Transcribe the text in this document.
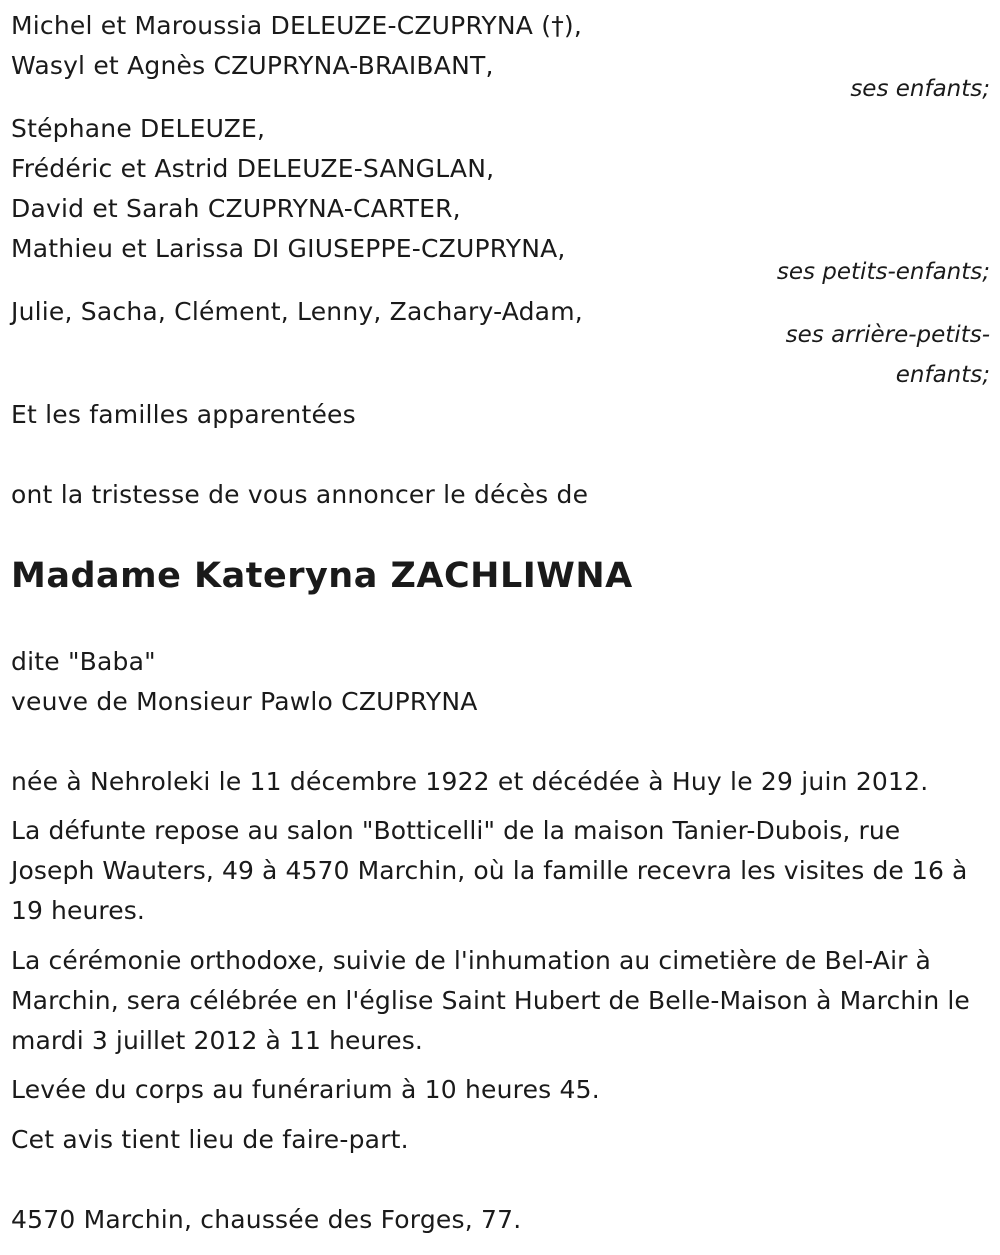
Michel et Maroussia DELEUZE-CZUPRYNA (†),
Wasyl et Agnès CZUPRYNA-BRAIBANT,
ses enfants;
Stéphane DELEUZE,
Frédéric et Astrid DELEUZE-SANGLAN,
David et Sarah CZUPRYNA-CARTER,
Mathieu et Larissa DI GIUSEPPE-CZUPRYNA,
ses petits-enfants;
Julie, Sacha, Clément, Lenny, Zachary-Adam,
ses arrière-petits-
enfants;
Et les familles apparentées
ont la tristesse de vous annoncer le décès de
Madame Kateryna ZACHLIWNA
dite "Baba"
veuve de Monsieur Pawlo CZUPRYNA
née à Nehroleki le 11 décembre 1922 et décédée à Huy le 29 juin 2012.
La défunte repose au salon "Botticelli" de la maison Tanier-Dubois, rue Joseph Wauters, 49 à 4570 Marchin, où la famille recevra les visites de 16 à 19 heures.
La cérémonie orthodoxe, suivie de l'inhumation au cimetière de Bel-Air à Marchin, sera célébrée en l'église Saint Hubert de Belle-Maison à Marchin le mardi 3 juillet 2012 à 11 heures.
Levée du corps au funérarium à 10 heures 45.
Cet avis tient lieu de faire-part.
4570 Marchin, chaussée des Forges, 77.
